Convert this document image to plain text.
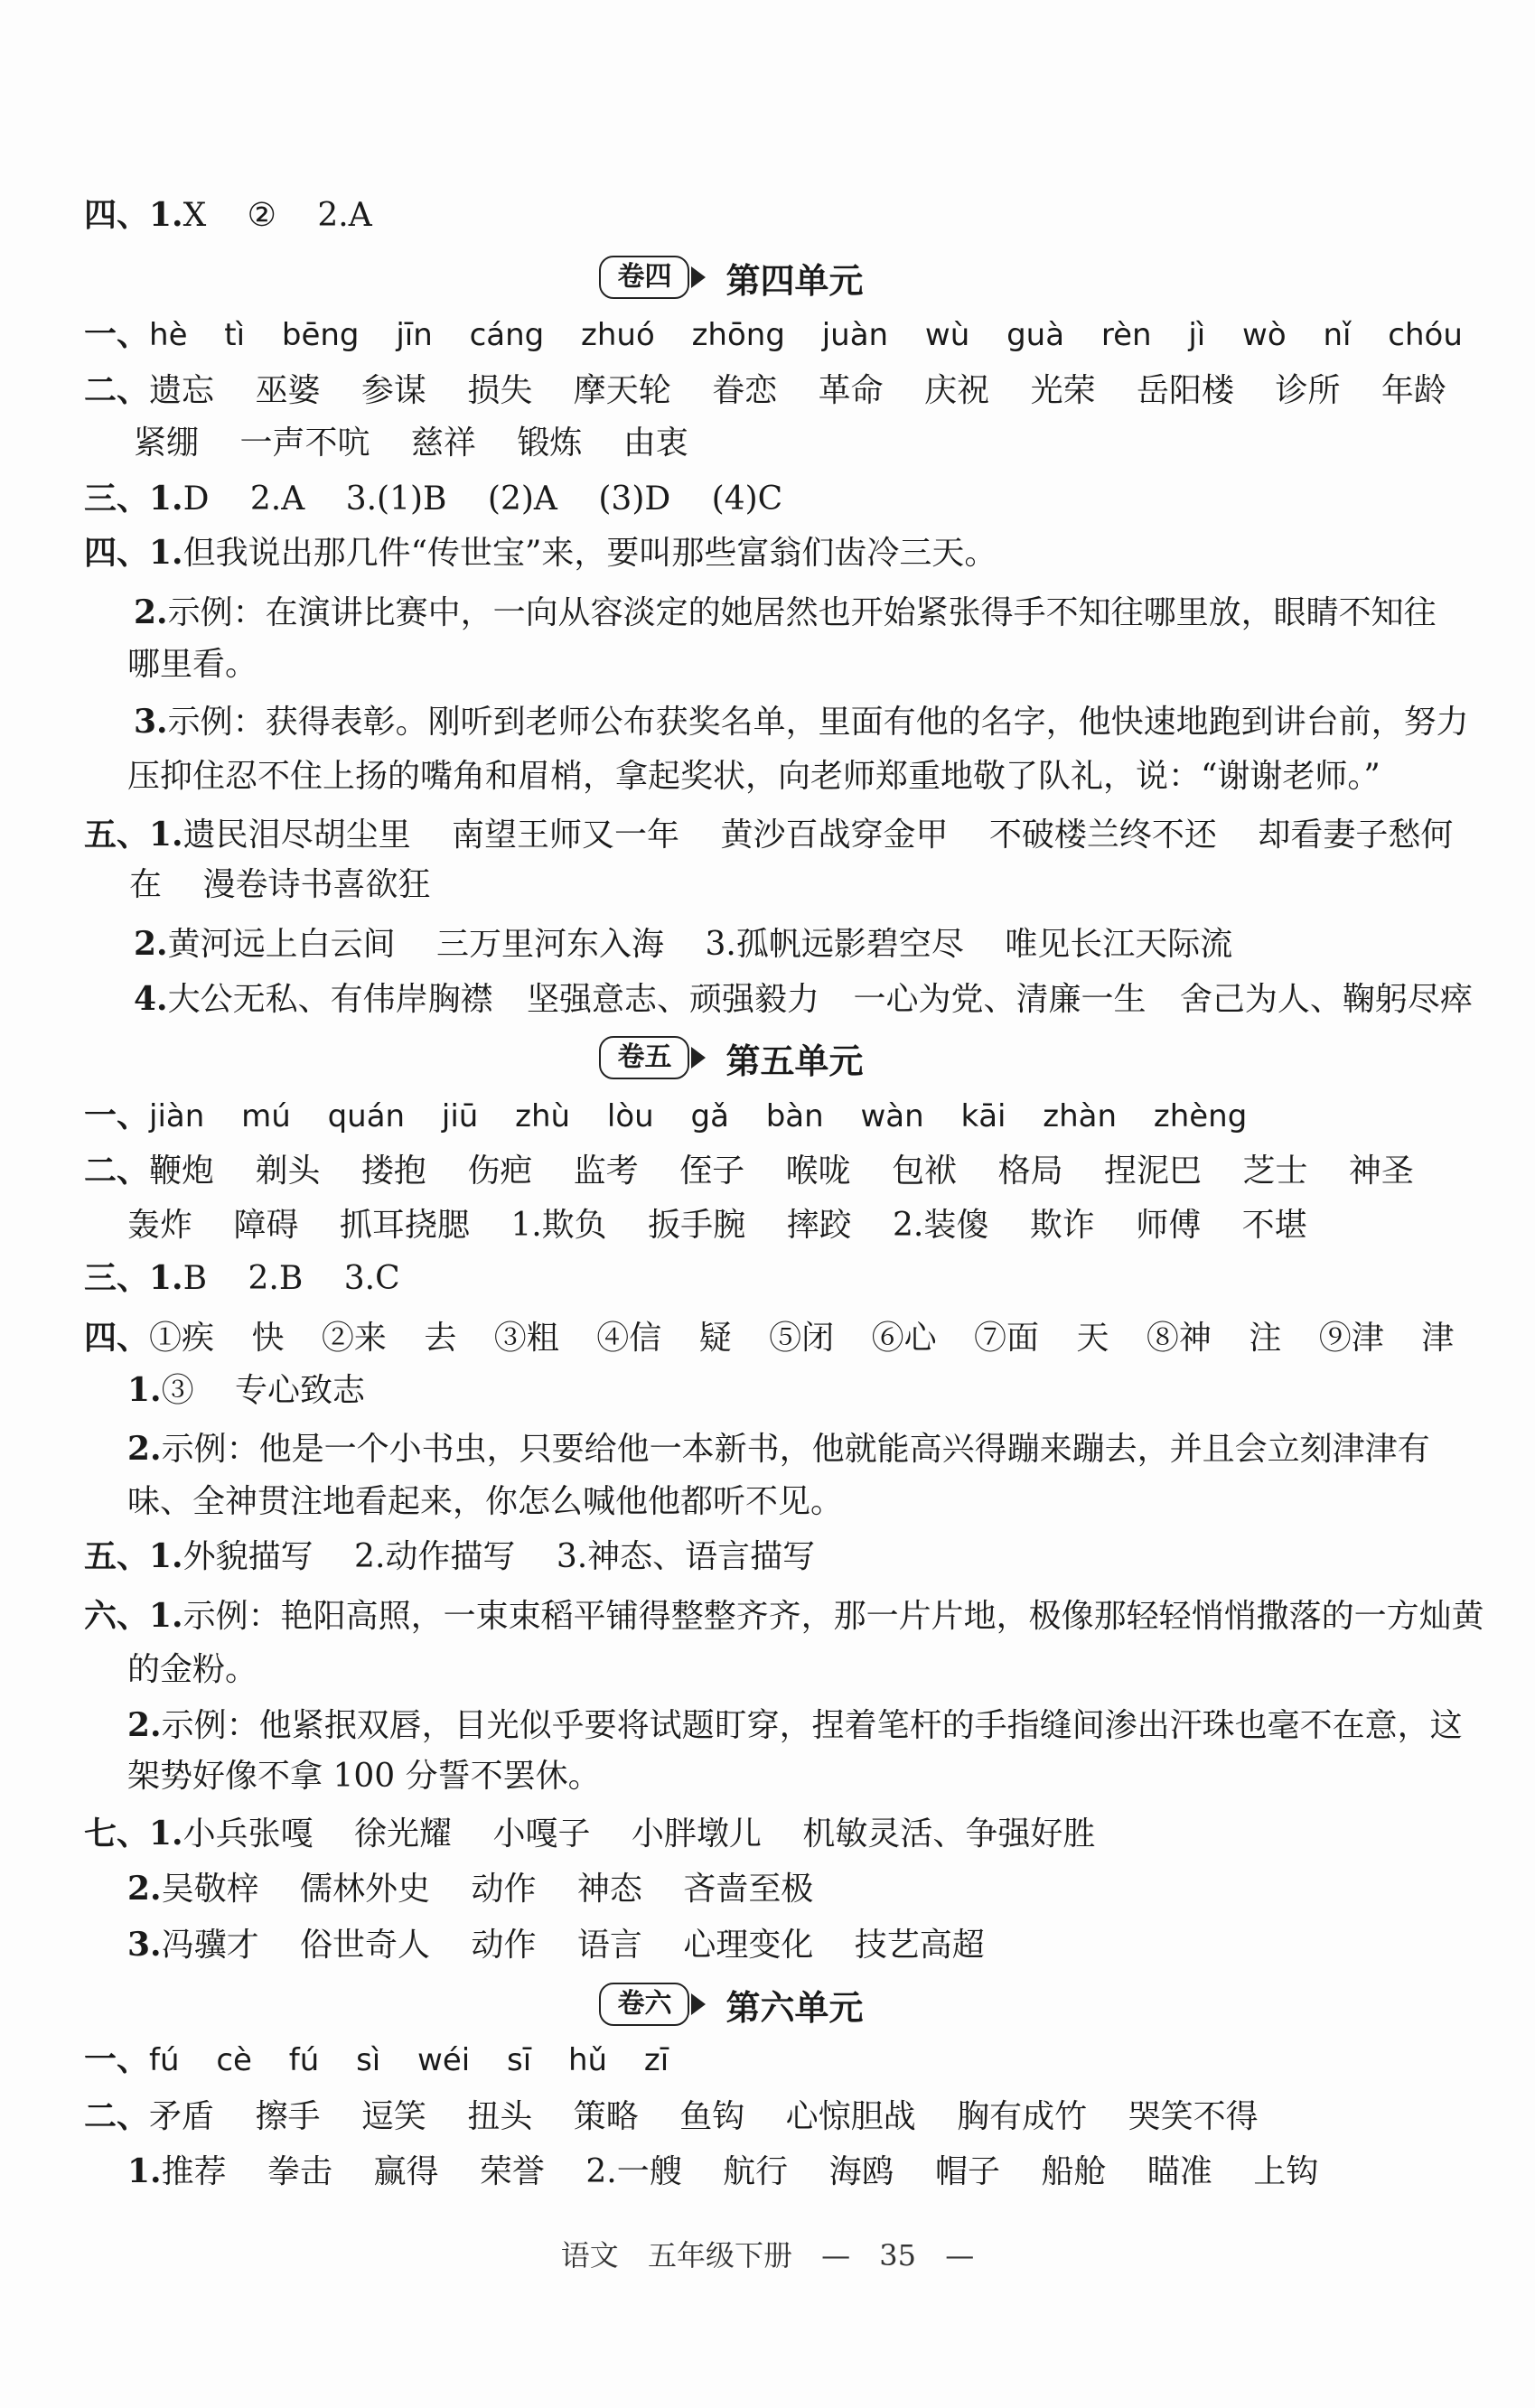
四、1.X ② 2.A
卷四	第四单元
一、hè tì bēng jīn cáng zhuó zhōng juàn wù guà rèn jì wò nǐ chóu
二、遗忘 巫婆 参谋 损失 摩天轮 眷恋 革命 庆祝 光荣 岳阳楼 诊所 年龄
紧绷 一声不吭 慈祥 锻炼 由衷
三、1.D 2.A 3.(1)B (2)A (3)D (4)C
四、1.但我说出那几件“传世宝”来，要叫那些富翁们齿冷三天。
2.示例：在演讲比赛中，一向从容淡定的她居然也开始紧张得手不知往哪里放，眼睛不知往
哪里看。
3.示例：获得表彰。刚听到老师公布获奖名单，里面有他的名字，他快速地跑到讲台前，努力
压抑住忍不住上扬的嘴角和眉梢，拿起奖状，向老师郑重地敬了队礼，说：“谢谢老师。”
五、1.遗民泪尽胡尘里 南望王师又一年 黄沙百战穿金甲 不破楼兰终不还 却看妻子愁何
在 漫卷诗书喜欲狂
2.黄河远上白云间 三万里河东入海 3.孤帆远影碧空尽 唯见长江天际流
4.大公无私、有伟岸胸襟 坚强意志、顽强毅力 一心为党、清廉一生 舍己为人、鞠躬尽瘁
卷五	第五单元
一、jiàn mú quán jiū zhù lòu gǎ bàn wàn kāi zhàn zhèng
二、鞭炮 剃头 搂抱 伤疤 监考 侄子 喉咙 包袱 格局 捏泥巴 芝士 神圣
轰炸 障碍 抓耳挠腮 1.欺负 扳手腕 摔跤 2.装傻 欺诈 师傅 不堪
三、1.B 2.B 3.C
四、①疾 快 ②来 去 ③粗 ④信 疑 ⑤闭 ⑥心 ⑦面 天 ⑧神 注 ⑨津 津
1.③ 专心致志
2.示例：他是一个小书虫，只要给他一本新书，他就能高兴得蹦来蹦去，并且会立刻津津有
味、全神贯注地看起来，你怎么喊他他都听不见。
五、1.外貌描写 2.动作描写 3.神态、语言描写
六、1.示例：艳阳高照，一束束稻平铺得整整齐齐，那一片片地，极像那轻轻悄悄撒落的一方灿黄
的金粉。
2.示例：他紧抿双唇，目光似乎要将试题盯穿，捏着笔杆的手指缝间渗出汗珠也毫不在意，这
架势好像不拿 100 分誓不罢休。
七、1.小兵张嘎 徐光耀 小嘎子 小胖墩儿 机敏灵活、争强好胜
2.吴敬梓 儒林外史 动作 神态 吝啬至极
3.冯骥才 俗世奇人 动作 语言 心理变化 技艺高超
卷六	第六单元
一、fú cè fú sì wéi sī hǔ zī
二、矛盾 擦手 逗笑 扭头 策略 鱼钩 心惊胆战 胸有成竹 哭笑不得
1.推荐 拳击 赢得 荣誉 2.一艘 航行 海鸥 帽子 船舱 瞄准 上钩
语文 五年级下册 — 35 —
